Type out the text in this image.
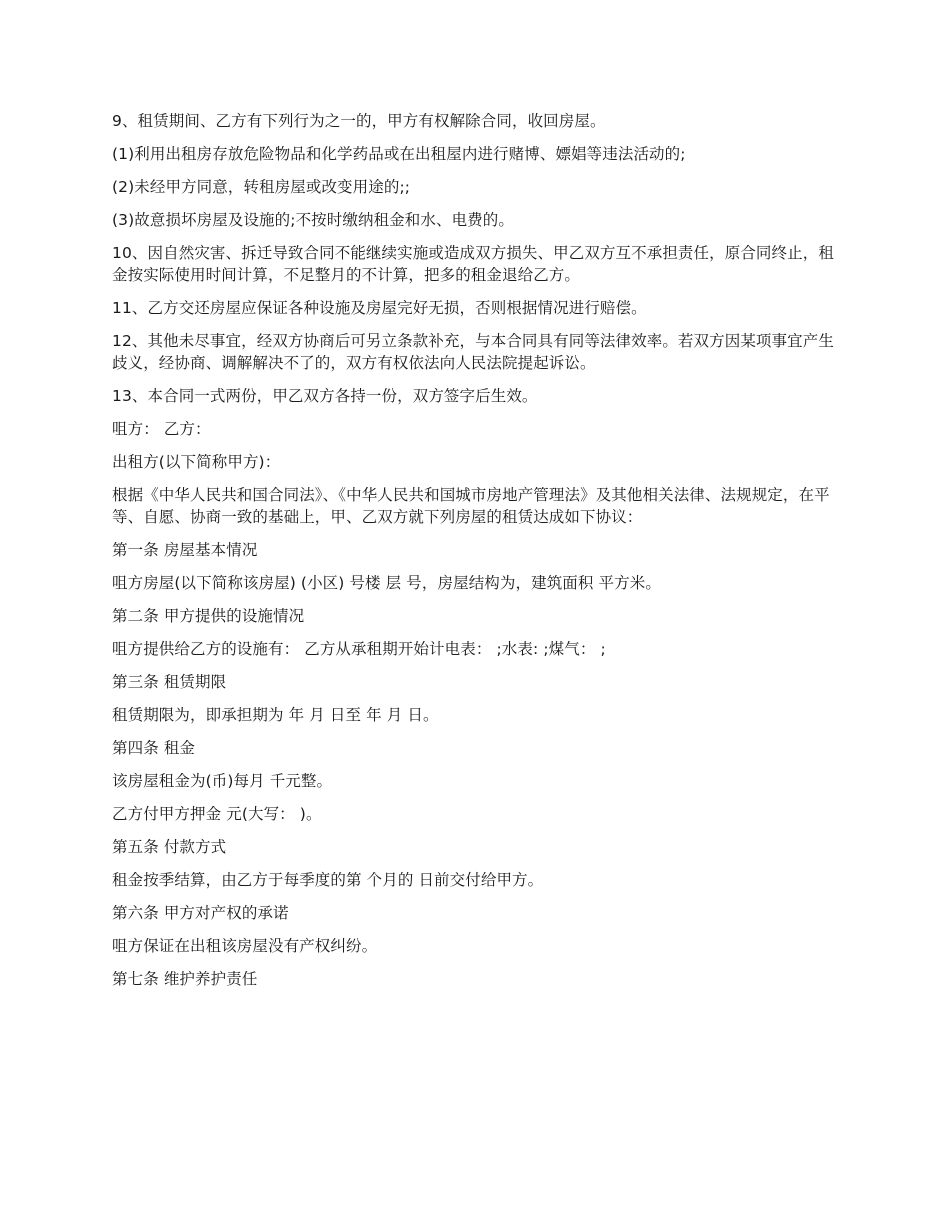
9、租赁期间、乙方有下列行为之一的，甲方有权解除合同，收回房屋。

(1)利用出租房存放危险物品和化学药品或在出租屋内进行赌博、嫖娼等违法活动的;

(2)未经甲方同意，转租房屋或改变用途的;;

(3)故意损坏房屋及设施的;不按时缴纳租金和水、电费的。

10、因自然灾害、拆迁导致合同不能继续实施或造成双方损失、甲乙双方互不承担责任，原合同终止，租金按实际使用时间计算，不足整月的不计算，把多的租金退给乙方。

11、乙方交还房屋应保证各种设施及房屋完好无损，否则根据情况进行赔偿。

12、其他未尽事宜，经双方协商后可另立条款补充，与本合同具有同等法律效率。若双方因某项事宜产生歧义，经协商、调解解决不了的，双方有权依法向人民法院提起诉讼。

13、本合同一式两份，甲乙双方各持一份，双方签字后生效。

咀方： 乙方：

出租方(以下简称甲方)：

根据《中华人民共和国合同法》、《中华人民共和国城市房地产管理法》及其他相关法律、法规规定，在平等、自愿、协商一致的基础上，甲、乙双方就下列房屋的租赁达成如下协议：

第一条 房屋基本情况

咀方房屋(以下简称该房屋) (小区) 号楼 层 号，房屋结构为，建筑面积 平方米。

第二条 甲方提供的设施情况

咀方提供给乙方的设施有： 乙方从承租期开始计电表： ;水表: ;煤气： ;

第三条 租赁期限

租赁期限为，即承担期为 年 月 日至 年 月 日。

第四条 租金

该房屋租金为(币)每月 千元整。

乙方付甲方押金 元(大写： )。

第五条 付款方式

租金按季结算，由乙方于每季度的第 个月的 日前交付给甲方。

第六条 甲方对产权的承诺

咀方保证在出租该房屋没有产权纠纷。

第七条 维护养护责任
